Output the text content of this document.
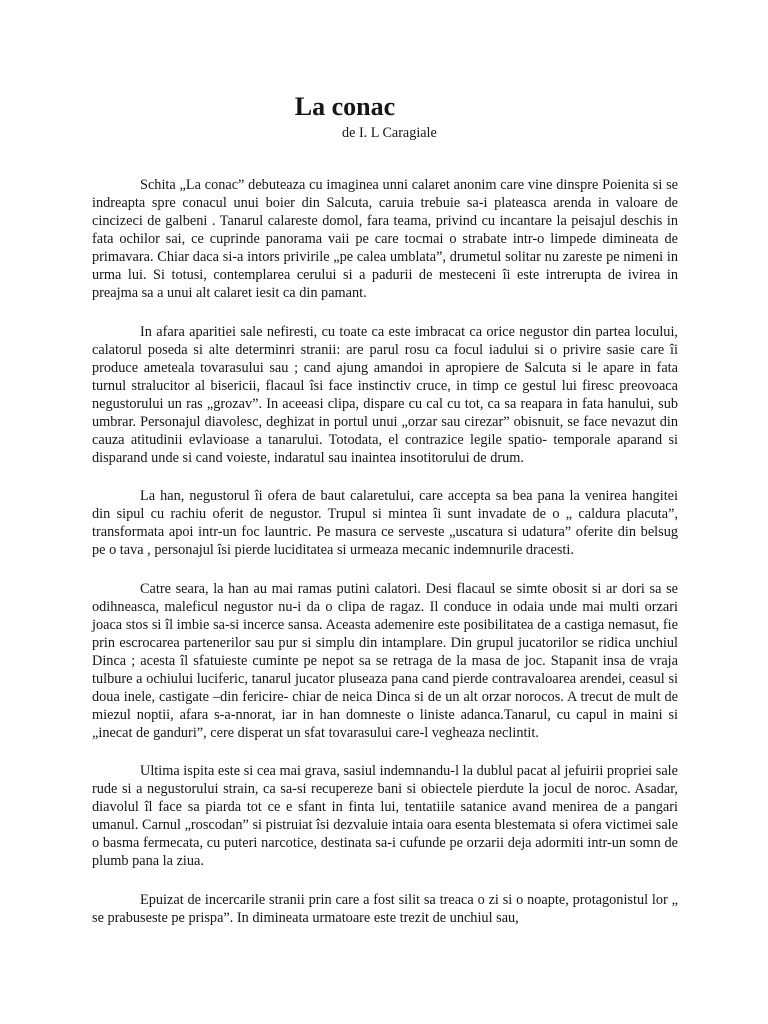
La conac

de I. L Caragiale

Schita „La conac” debuteaza cu imaginea unni calaret anonim care vine dinspre Poienita si se indreapta spre conacul unui boier din Salcuta, caruia trebuie sa-i plateasca arenda in valoare de cincizeci de galbeni . Tanarul calareste domol, fara teama, privind cu incantare la peisajul deschis in fata ochilor sai, ce cuprinde panorama vaii pe care tocmai o strabate intr-o limpede dimineata de primavara. Chiar daca si-a intors privirile „pe calea umblata”, drumetul solitar nu zareste pe nimeni in urma lui. Si totusi, contemplarea cerului si a padurii de mesteceni îi este intrerupta de ivirea in preajma sa a unui alt calaret iesit ca din pamant.

In afara aparitiei sale nefiresti, cu toate ca este imbracat ca orice negustor din partea locului, calatorul poseda si alte determinri stranii: are parul rosu ca focul iadului si o privire sasie care îi produce ameteala tovarasului sau ; cand ajung amandoi in apropiere de Salcuta si le apare in fata turnul stralucitor al bisericii, flacaul îsi face instinctiv cruce, in timp ce gestul lui firesc preovoaca negustorului un ras „grozav”. In aceeasi clipa, dispare cu cal cu tot, ca sa reapara in fata hanului, sub umbrar. Personajul diavolesc, deghizat in portul unui „orzar sau cirezar” obisnuit, se face nevazut din cauza atitudinii evlavioase a tanarului. Totodata, el contrazice legile spatio- temporale aparand si disparand unde si cand voieste, indaratul sau inaintea insotitorului de drum.

La han, negustorul îi ofera de baut calaretului, care accepta sa bea pana la venirea hangitei din sipul cu rachiu oferit de negustor. Trupul si mintea îi sunt invadate de o „ caldura placuta”, transformata apoi intr-un foc launtric. Pe masura ce serveste „uscatura si udatura” oferite din belsug pe o tava , personajul îsi pierde luciditatea si urmeaza mecanic indemnurile dracesti.

Catre seara, la han au mai ramas putini calatori. Desi flacaul se simte obosit si ar dori sa se odihneasca, maleficul negustor nu-i da o clipa de ragaz. Il conduce in odaia unde mai multi orzari joaca stos si îl imbie sa-si incerce sansa. Aceasta ademenire este posibilitatea de a castiga nemasut, fie prin escrocarea partenerilor sau pur si simplu din intamplare. Din grupul jucatorilor se ridica unchiul Dinca ; acesta îl sfatuieste cuminte pe nepot sa se retraga de la masa de joc. Stapanit insa de vraja tulbure a ochiului luciferic, tanarul jucator pluseaza pana cand pierde contravaloarea arendei, ceasul si doua inele, castigate –din fericire- chiar de neica Dinca si de un alt orzar norocos. A trecut de mult de miezul noptii, afara s-a-nnorat, iar in han domneste o liniste adanca.Tanarul, cu capul in maini si „inecat de ganduri”, cere disperat un sfat tovarasului care-l vegheaza neclintit.

Ultima ispita este si cea mai grava, sasiul indemnandu-l la dublul pacat al jefuirii propriei sale rude si a negustorului strain, ca sa-si recupereze bani si obiectele pierdute la jocul de noroc. Asadar, diavolul îl face sa piarda tot ce e sfant in finta lui, tentatiile satanice avand menirea de a pangari umanul. Carnul „roscodan” si pistruiat îsi dezvaluie intaia oara esenta blestemata si ofera victimei sale o basma fermecata, cu puteri narcotice, destinata sa-i cufunde pe orzarii deja adormiti intr-un somn de plumb pana la ziua.

Epuizat de incercarile stranii prin care a fost silit sa treaca o zi si o noapte, protagonistul lor „ se prabuseste pe prispa”. In dimineata urmatoare este trezit de unchiul sau,
